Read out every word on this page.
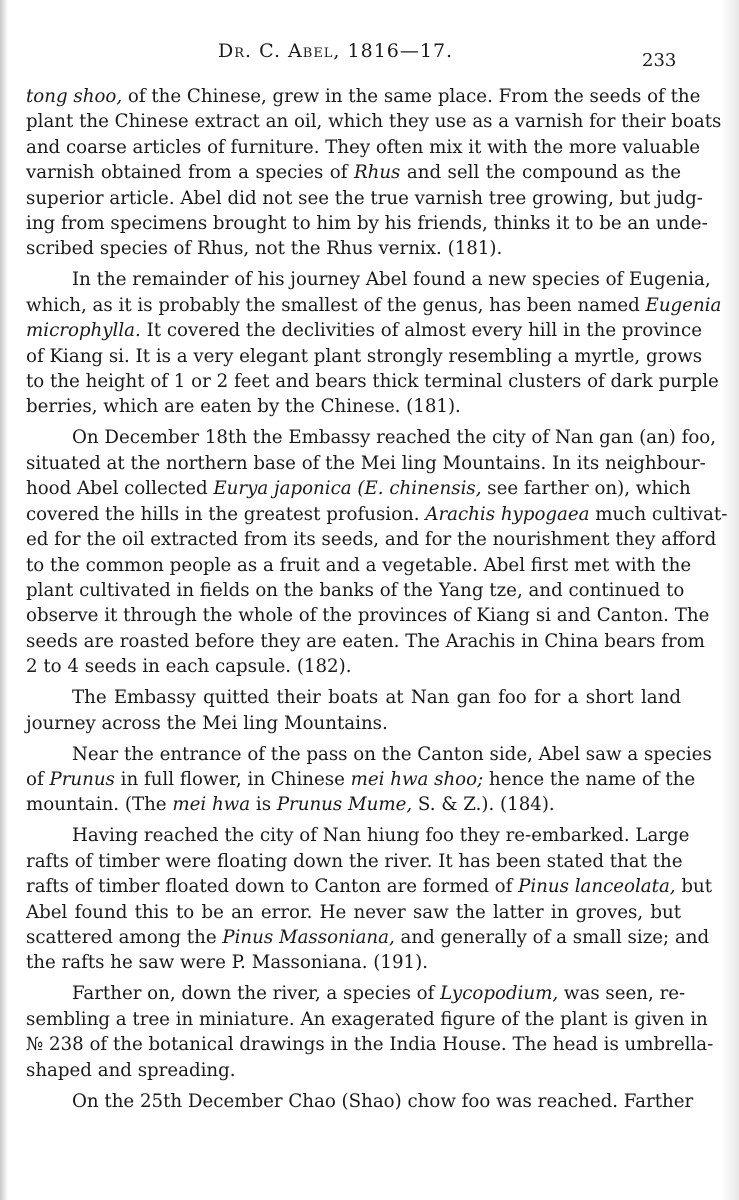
Dr. C. Abel, 1816—17.	233

tong shoo, of the Chinese, grew in the same place. From the seeds of the
plant the Chinese extract an oil, which they use as a varnish for their boats
and coarse articles of furniture. They often mix it with the more valuable
varnish obtained from a species of Rhus and sell the compound as the
superior article. Abel did not see the true varnish tree growing, but judg-
ing from specimens brought to him by his friends, thinks it to be an unde-
scribed species of Rhus, not the Rhus vernix. (181).

In the remainder of his journey Abel found a new species of Eugenia,
which, as it is probably the smallest of the genus, has been named Eugenia
microphylla. It covered the declivities of almost every hill in the province
of Kiang si. It is a very elegant plant strongly resembling a myrtle, grows
to the height of 1 or 2 feet and bears thick terminal clusters of dark purple
berries, which are eaten by the Chinese. (181).

On December 18th the Embassy reached the city of Nan gan (an) foo,
situated at the northern base of the Mei ling Mountains. In its neighbour-
hood Abel collected Eurya japonica (E. chinensis, see farther on), which
covered the hills in the greatest profusion. Arachis hypogaea much cultivat-
ed for the oil extracted from its seeds, and for the nourishment they afford
to the common people as a fruit and a vegetable. Abel first met with the
plant cultivated in fields on the banks of the Yang tze, and continued to
observe it through the whole of the provinces of Kiang si and Canton. The
seeds are roasted before they are eaten. The Arachis in China bears from
2 to 4 seeds in each capsule. (182).

The Embassy quitted their boats at Nan gan foo for a short land
journey across the Mei ling Mountains.

Near the entrance of the pass on the Canton side, Abel saw a species
of Prunus in full flower, in Chinese mei hwa shoo; hence the name of the
mountain. (The mei hwa is Prunus Mume, S. & Z.). (184).

Having reached the city of Nan hiung foo they re-embarked. Large
rafts of timber were floating down the river. It has been stated that the
rafts of timber floated down to Canton are formed of Pinus lanceolata, but
Abel found this to be an error. He never saw the latter in groves, but
scattered among the Pinus Massoniana, and generally of a small size; and
the rafts he saw were P. Massoniana. (191).

Farther on, down the river, a species of Lycopodium, was seen, re-
sembling a tree in miniature. An exagerated figure of the plant is given in
№ 238 of the botanical drawings in the India House. The head is umbrella-
shaped and spreading.

On the 25th December Chao (Shao) chow foo was reached. Farther
